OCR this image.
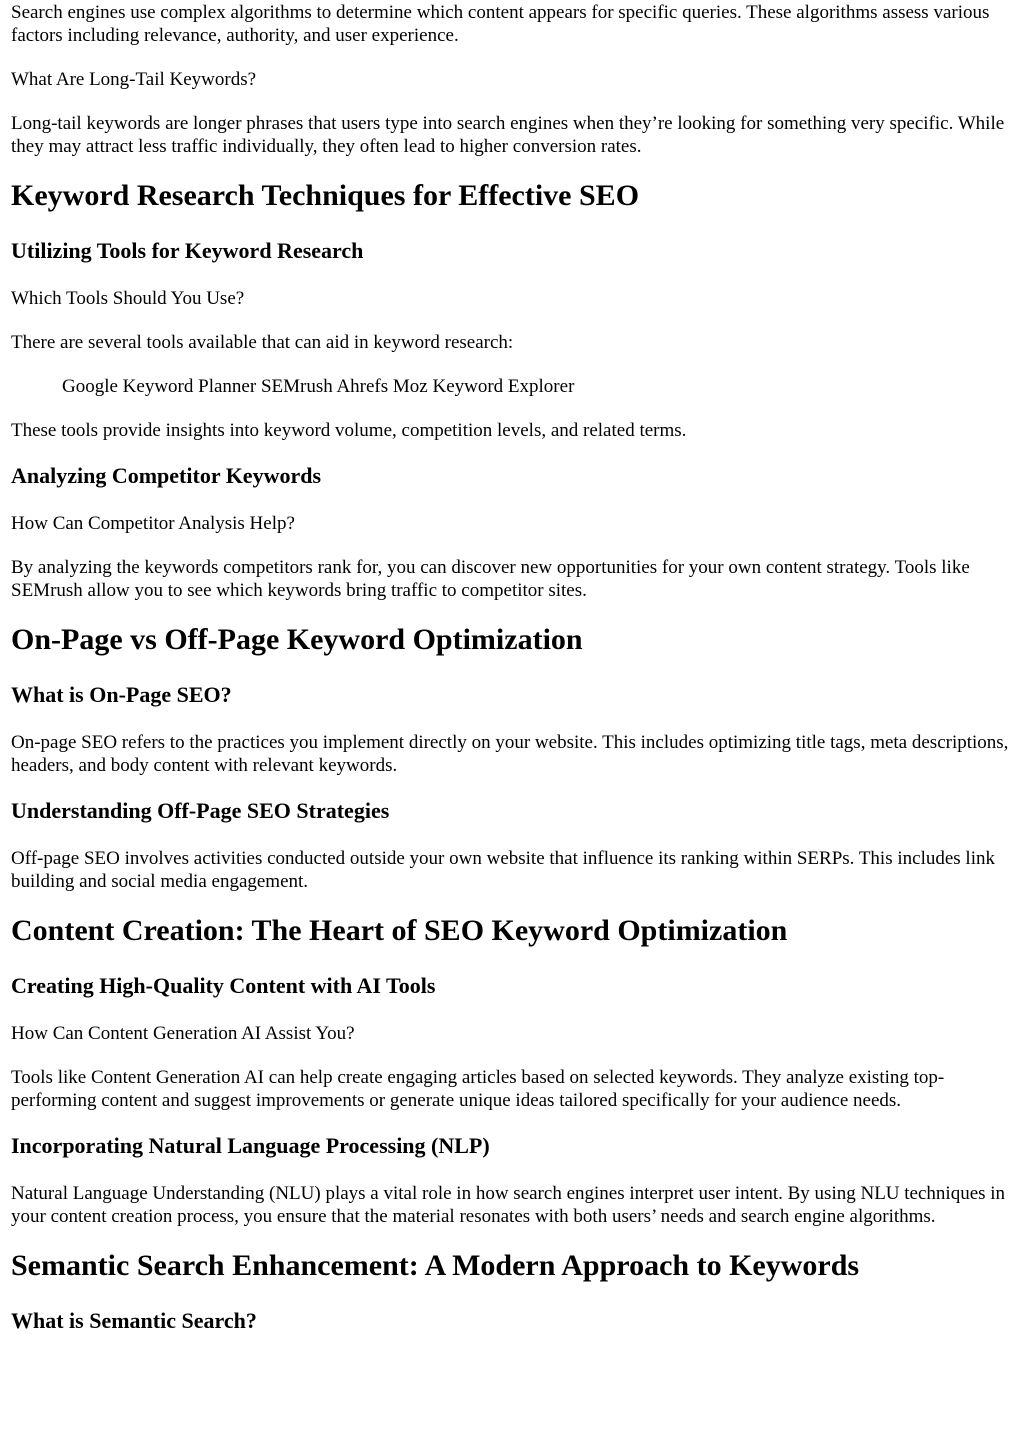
Search engines use complex algorithms to determine which content appears for specific queries. These algorithms assess various factors including relevance, authority, and user experience.

What Are Long-Tail Keywords?

Long-tail keywords are longer phrases that users type into search engines when they’re looking for something very specific. While they may attract less traffic individually, they often lead to higher conversion rates.

Keyword Research Techniques for Effective SEO
Utilizing Tools for Keyword Research

Which Tools Should You Use?

There are several tools available that can aid in keyword research:

Google Keyword Planner SEMrush Ahrefs Moz Keyword Explorer

These tools provide insights into keyword volume, competition levels, and related terms.

Analyzing Competitor Keywords

How Can Competitor Analysis Help?

By analyzing the keywords competitors rank for, you can discover new opportunities for your own content strategy. Tools like SEMrush allow you to see which keywords bring traffic to competitor sites.

On-Page vs Off-Page Keyword Optimization
What is On-Page SEO?

On-page SEO refers to the practices you implement directly on your website. This includes optimizing title tags, meta descriptions, headers, and body content with relevant keywords.

Understanding Off-Page SEO Strategies

Off-page SEO involves activities conducted outside your own website that influence its ranking within SERPs. This includes link building and social media engagement.

Content Creation: The Heart of SEO Keyword Optimization
Creating High-Quality Content with AI Tools

How Can Content Generation AI Assist You?

Tools like Content Generation AI can help create engaging articles based on selected keywords. They analyze existing top-performing content and suggest improvements or generate unique ideas tailored specifically for your audience needs.

Incorporating Natural Language Processing (NLP)

Natural Language Understanding (NLU) plays a vital role in how search engines interpret user intent. By using NLU techniques in your content creation process, you ensure that the material resonates with both users’ needs and search engine algorithms.

Semantic Search Enhancement: A Modern Approach to Keywords
What is Semantic Search?
